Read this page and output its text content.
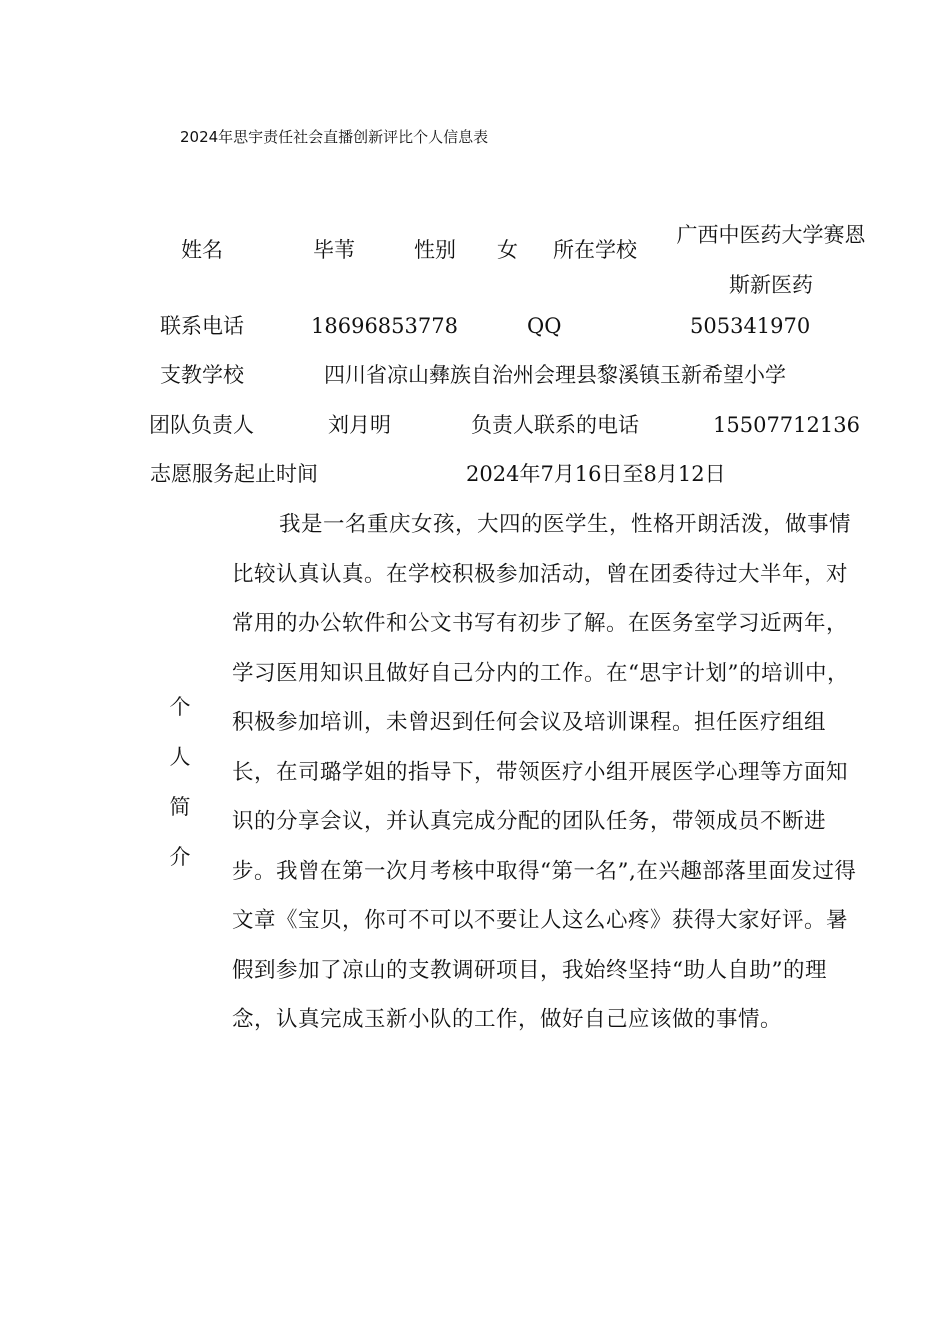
2024年思宇责任社会直播创新评比个人信息表
姓名	毕苇	性别 女 所在学校
广西中医药大学赛恩斯新医药
联系电话	18696853778	QQ	505341970
支教学校	四川省凉山彝族自治州会理县黎溪镇玉新希望小学
团队负责人	刘月明	负责人联系的电话	15507712136
志愿服务起止时间	2024年7月16日至8月12日
个
人
简
介
我是一名重庆女孩，大四的医学生，性格开朗活泼，做事情比较认真认真。在学校积极参加活动，曾在团委待过大半年，对常用的办公软件和公文书写有初步了解。在医务室学习近两年，学习医用知识且做好自己分内的工作。在“思宇计划”的培训中，积极参加培训，未曾迟到任何会议及培训课程。担任医疗组组长，在司璐学姐的指导下，带领医疗小组开展医学心理等方面知识的分享会议，并认真完成分配的团队任务，带领成员不断进步。我曾在第一次月考核中取得“第一名”,在兴趣部落里面发过得文章《宝贝，你可不可以不要让人这么心疼》获得大家好评。暑假到参加了凉山的支教调研项目，我始终坚持“助人自助”的理念，认真完成玉新小队的工作，做好自己应该做的事情。
